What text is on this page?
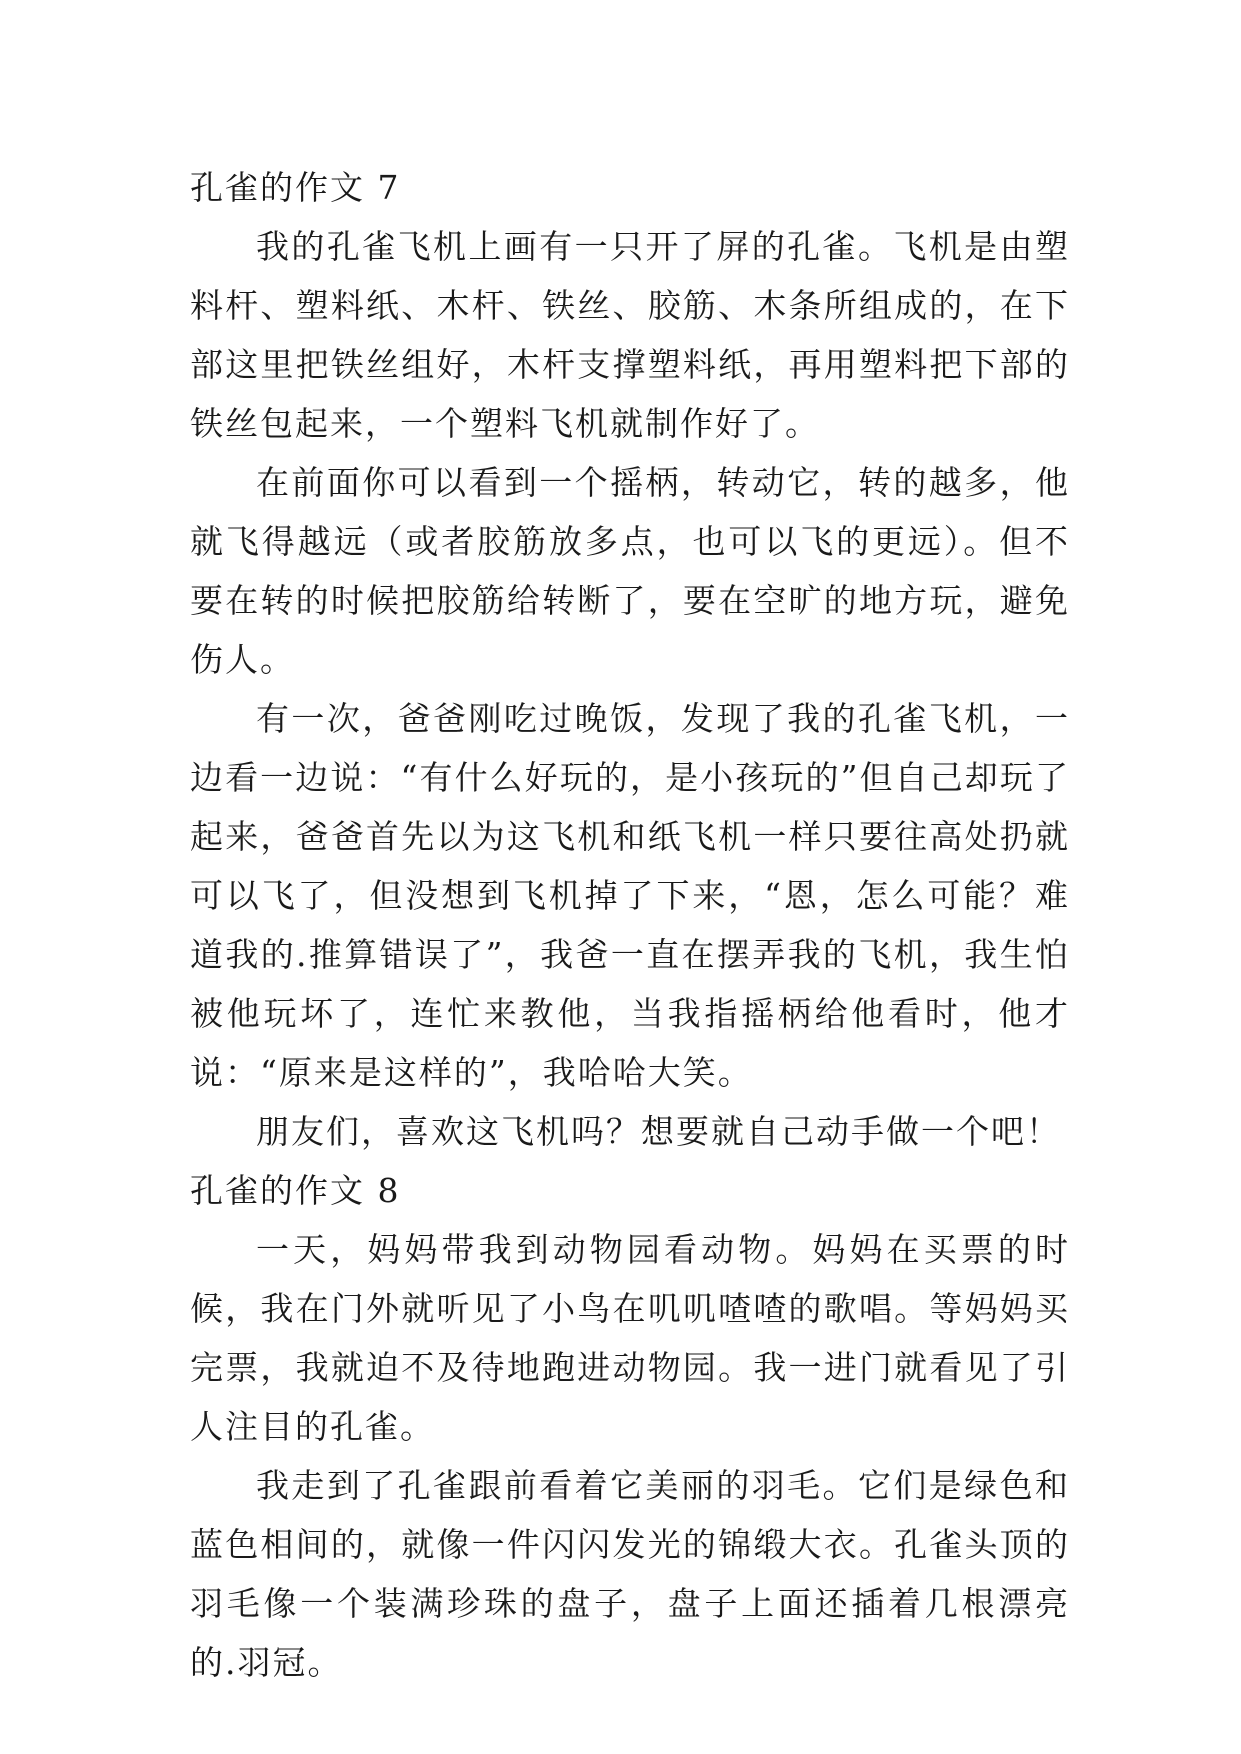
孔雀的作文 7

我的孔雀飞机上画有一只开了屏的孔雀。飞机是由塑料杆、塑料纸、木杆、铁丝、胶筋、木条所组成的，在下部这里把铁丝组好，木杆支撑塑料纸，再用塑料把下部的铁丝包起来，一个塑料飞机就制作好了。

在前面你可以看到一个摇柄，转动它，转的越多，他就飞得越远（或者胶筋放多点，也可以飞的更远）。但不要在转的时候把胶筋给转断了，要在空旷的地方玩，避免伤人。

有一次，爸爸刚吃过晚饭，发现了我的孔雀飞机，一边看一边说：“有什么好玩的，是小孩玩的”但自己却玩了起来，爸爸首先以为这飞机和纸飞机一样只要往高处扔就可以飞了，但没想到飞机掉了下来，“恩，怎么可能？难道我的.推算错误了”，我爸一直在摆弄我的飞机，我生怕被他玩坏了，连忙来教他，当我指摇柄给他看时，他才说：“原来是这样的”，我哈哈大笑。

朋友们，喜欢这飞机吗？想要就自己动手做一个吧！

孔雀的作文 8

一天，妈妈带我到动物园看动物。妈妈在买票的时候，我在门外就听见了小鸟在叽叽喳喳的歌唱。等妈妈买完票，我就迫不及待地跑进动物园。我一进门就看见了引人注目的孔雀。

我走到了孔雀跟前看着它美丽的羽毛。它们是绿色和蓝色相间的，就像一件闪闪发光的锦缎大衣。孔雀头顶的羽毛像一个装满珍珠的盘子，盘子上面还插着几根漂亮的.羽冠。
